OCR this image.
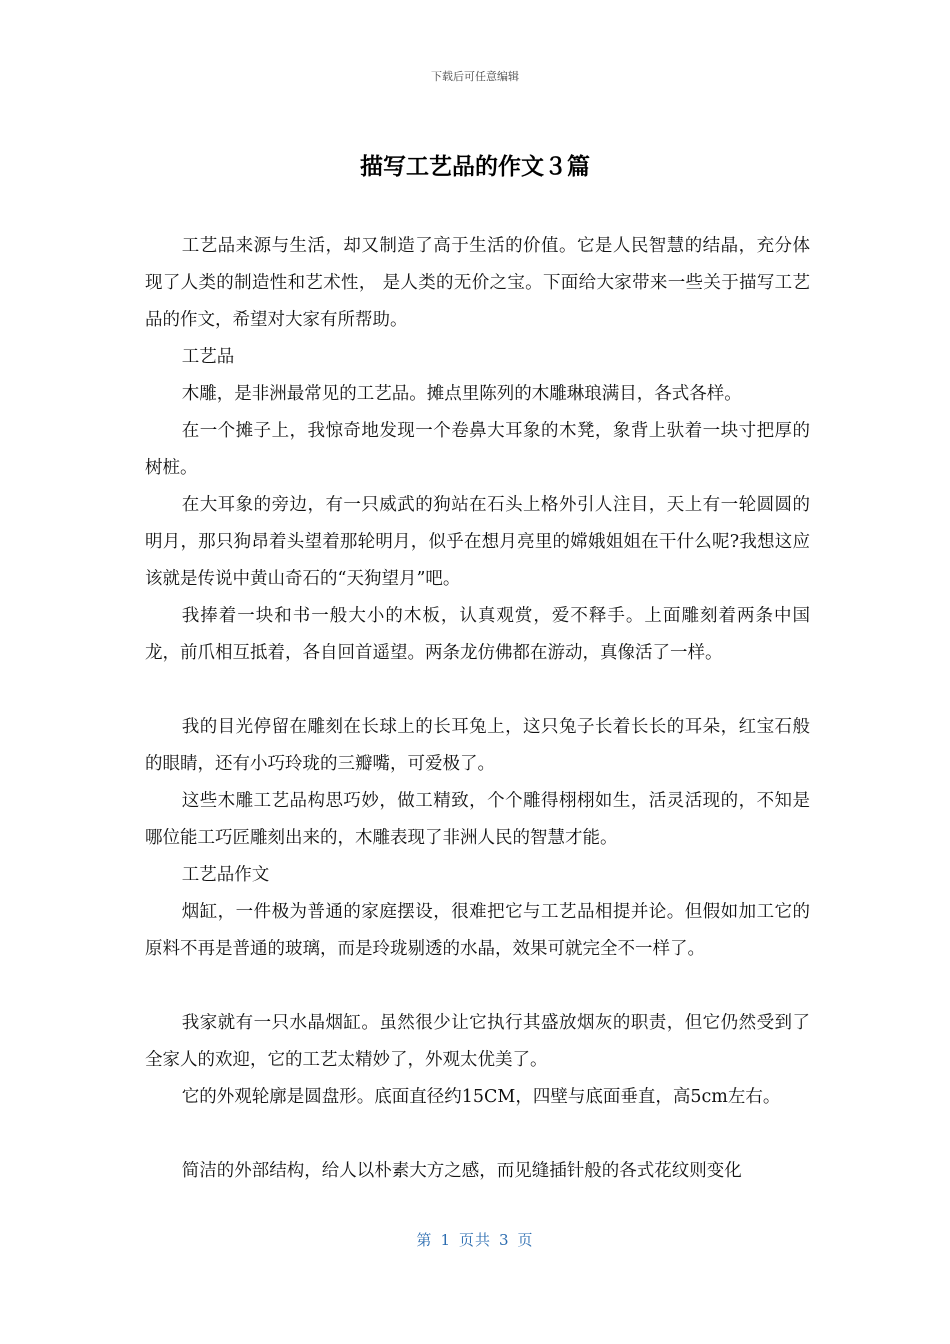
下载后可任意编辑
描写工艺品的作文３篇

工艺品来源与生活，却又制造了高于生活的价值。它是人民智慧的结晶，充分体现了人类的制造性和艺术性， 是人类的无价之宝。下面给大家带来一些关于描写工艺品的作文，希望对大家有所帮助。

工艺品

木雕，是非洲最常见的工艺品。摊点里陈列的木雕琳琅满目，各式各样。

在一个摊子上，我惊奇地发现一个卷鼻大耳象的木凳，象背上驮着一块寸把厚的树桩。

在大耳象的旁边，有一只威武的狗站在石头上格外引人注目，天上有一轮圆圆的明月，那只狗昂着头望着那轮明月，似乎在想月亮里的嫦娥姐姐在干什么呢?我想这应该就是传说中黄山奇石的“天狗望月”吧。

我捧着一块和书一般大小的木板，认真观赏，爱不释手。上面雕刻着两条中国龙，前爪相互抵着，各自回首遥望。两条龙仿佛都在游动，真像活了一样。

我的目光停留在雕刻在长球上的长耳兔上，这只兔子长着长长的耳朵，红宝石般的眼睛，还有小巧玲珑的三瓣嘴，可爱极了。

这些木雕工艺品构思巧妙，做工精致，个个雕得栩栩如生，活灵活现的，不知是哪位能工巧匠雕刻出来的，木雕表现了非洲人民的智慧才能。

工艺品作文

烟缸，一件极为普通的家庭摆设，很难把它与工艺品相提并论。但假如加工它的原料不再是普通的玻璃，而是玲珑剔透的水晶，效果可就完全不一样了。

我家就有一只水晶烟缸。虽然很少让它执行其盛放烟灰的职责，但它仍然受到了全家人的欢迎，它的工艺太精妙了，外观太优美了。

它的外观轮廓是圆盘形。底面直径约15CM，四壁与底面垂直，高5cm左右。

简洁的外部结构，给人以朴素大方之感，而见缝插针般的各式花纹则变化

第 1 页共 3 页
